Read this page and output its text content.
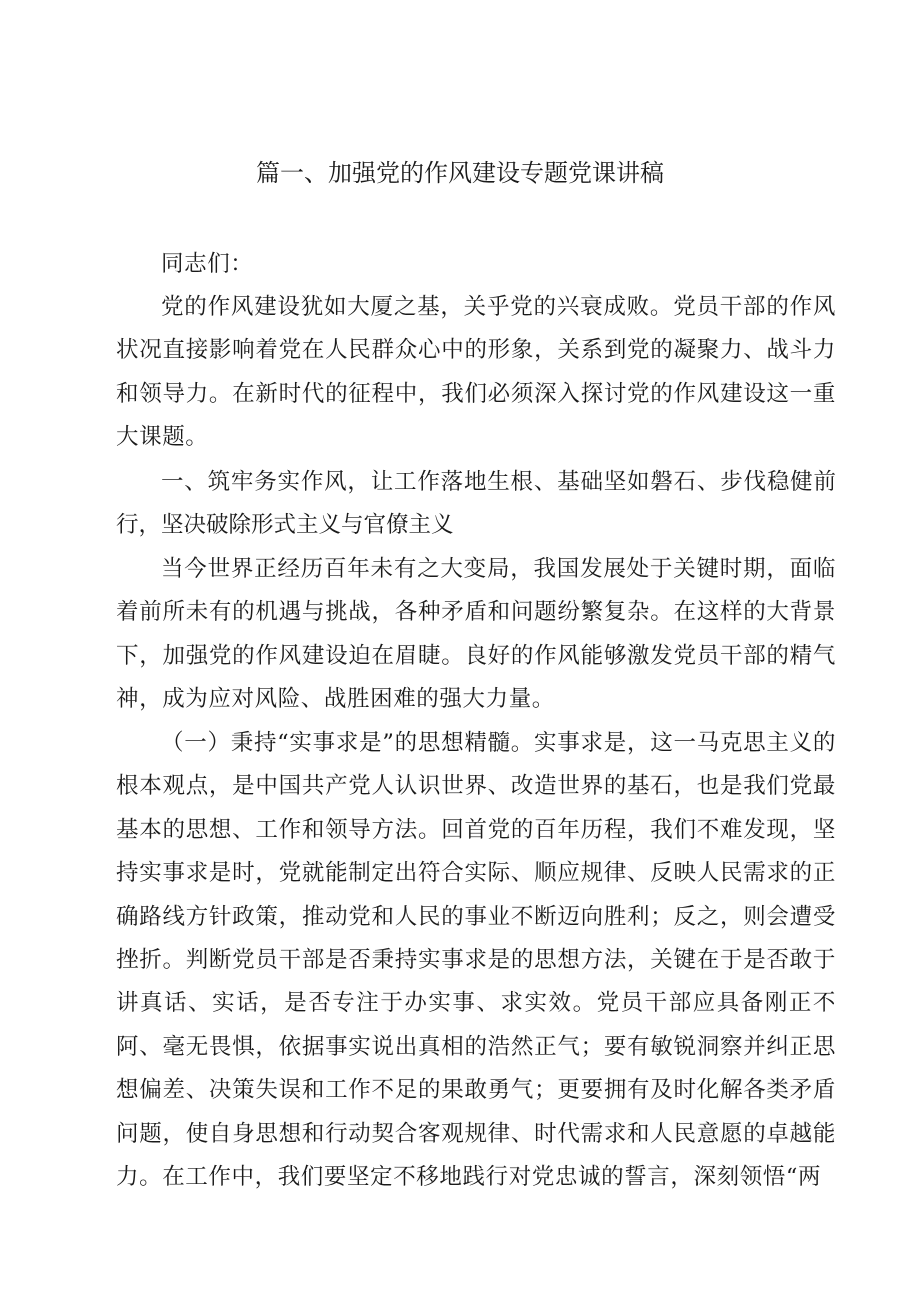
篇一、加强党的作风建设专题党课讲稿
同志们：
党的作风建设犹如大厦之基，关乎党的兴衰成败。党员干部的作风状况直接影响着党在人民群众心中的形象，关系到党的凝聚力、战斗力和领导力。在新时代的征程中，我们必须深入探讨党的作风建设这一重大课题。
一、筑牢务实作风，让工作落地生根、基础坚如磐石、步伐稳健前行，坚决破除形式主义与官僚主义
当今世界正经历百年未有之大变局，我国发展处于关键时期，面临着前所未有的机遇与挑战，各种矛盾和问题纷繁复杂。在这样的大背景下，加强党的作风建设迫在眉睫。良好的作风能够激发党员干部的精气神，成为应对风险、战胜困难的强大力量。
（一）秉持“实事求是”的思想精髓。实事求是，这一马克思主义的根本观点，是中国共产党人认识世界、改造世界的基石，也是我们党最基本的思想、工作和领导方法。回首党的百年历程，我们不难发现，坚持实事求是时，党就能制定出符合实际、顺应规律、反映人民需求的正确路线方针政策，推动党和人民的事业不断迈向胜利；反之，则会遭受挫折。判断党员干部是否秉持实事求是的思想方法，关键在于是否敢于讲真话、实话，是否专注于办实事、求实效。党员干部应具备刚正不阿、毫无畏惧，依据事实说出真相的浩然正气；要有敏锐洞察并纠正思想偏差、决策失误和工作不足的果敢勇气；更要拥有及时化解各类矛盾问题，使自身思想和行动契合客观规律、时代需求和人民意愿的卓越能力。在工作中，我们要坚定不移地践行对党忠诚的誓言，深刻领悟“两
